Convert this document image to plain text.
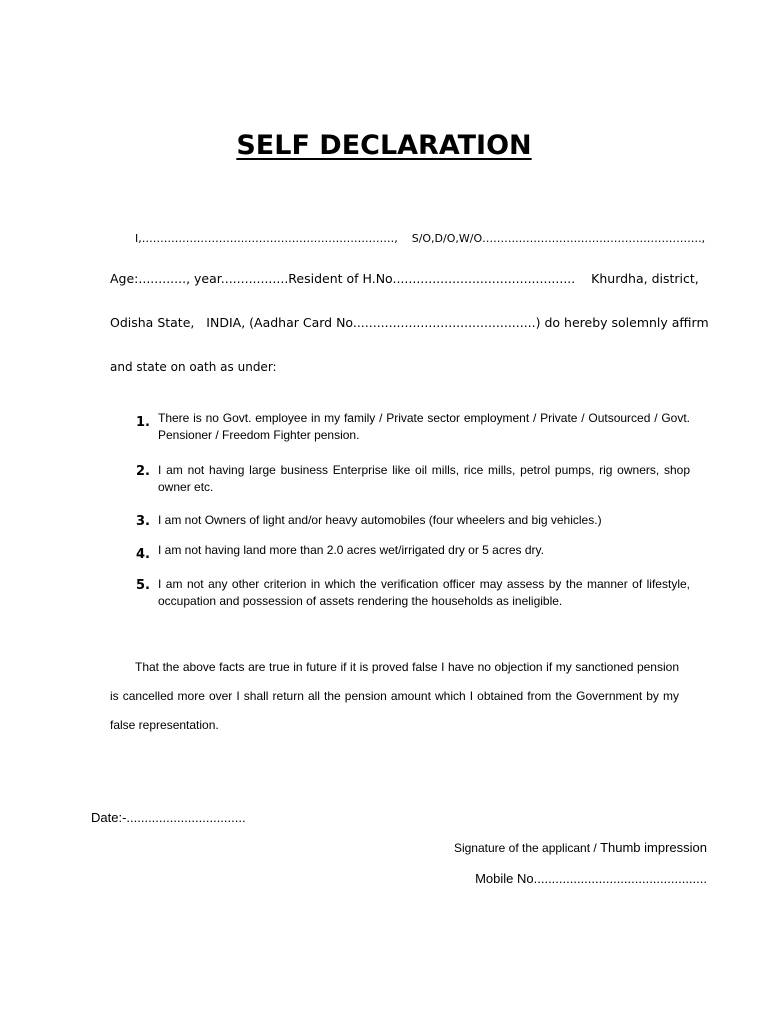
SELF DECLARATION
I,………………………..……………….…………………,    S/O,D/O,W/O……….…………….…………………………….,
Age:............, year.................Resident of H.No..............................................    Khurdha, district,
Odisha State,   INDIA, (Aadhar Card No..............................................) do hereby solemnly affirm
and state on oath as under:
1. There is no Govt. employee in my family / Private sector employment / Private / Outsourced / Govt. Pensioner / Freedom Fighter pension.
2. I am not having large business Enterprise like oil mills, rice mills, petrol pumps, rig owners, shop owner etc.
3. I am not Owners of light and/or heavy automobiles (four wheelers and big vehicles.)
4. I am not having land more than 2.0 acres wet/irrigated dry or 5 acres dry.
5. I am not any other criterion in which the verification officer may assess by the manner of lifestyle, occupation and possession of assets rendering the households as ineligible.
That the above facts are true in future if it is proved false I have no objection if my sanctioned pension is cancelled more over I shall return all the pension amount which I obtained from the Government by my false representation.
Date:-.................................
Signature of the applicant / Thumb impression
Mobile No................................................
